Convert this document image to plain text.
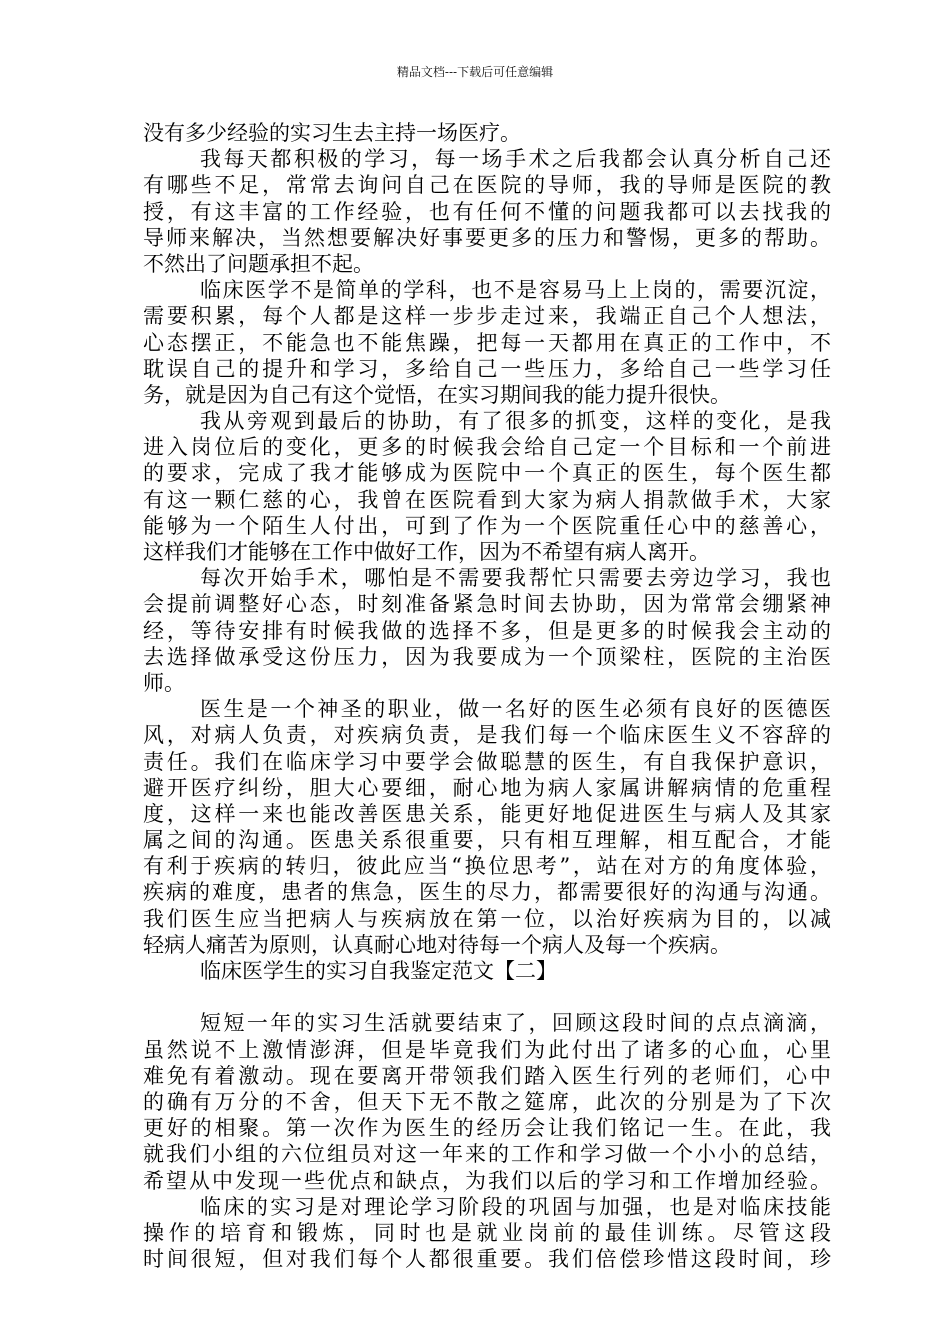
精品文档---下载后可任意编辑
没有多少经验的实习生去主持一场医疗。
我每天都积极的学习，每一场手术之后我都会认真分析自己还
有哪些不足，常常去询问自己在医院的导师，我的导师是医院的教
授，有这丰富的工作经验，也有任何不懂的问题我都可以去找我的
导师来解决，当然想要解决好事要更多的压力和警惕，更多的帮助。
不然出了问题承担不起。
临床医学不是简单的学科，也不是容易马上上岗的，需要沉淀，
需要积累，每个人都是这样一步步走过来，我端正自己个人想法，
心态摆正，不能急也不能焦躁，把每一天都用在真正的工作中，不
耽误自己的提升和学习，多给自己一些压力，多给自己一些学习任
务，就是因为自己有这个觉悟，在实习期间我的能力提升很快。
我从旁观到最后的协助，有了很多的抓变，这样的变化，是我
进入岗位后的变化，更多的时候我会给自己定一个目标和一个前进
的要求，完成了我才能够成为医院中一个真正的医生，每个医生都
有这一颗仁慈的心，我曾在医院看到大家为病人捐款做手术，大家
能够为一个陌生人付出，可到了作为一个医院重任心中的慈善心，
这样我们才能够在工作中做好工作，因为不希望有病人离开。
每次开始手术，哪怕是不需要我帮忙只需要去旁边学习，我也
会提前调整好心态，时刻准备紧急时间去协助，因为常常会绷紧神
经，等待安排有时候我做的选择不多，但是更多的时候我会主动的
去选择做承受这份压力，因为我要成为一个顶梁柱，医院的主治医
师。
医生是一个神圣的职业，做一名好的医生必须有良好的医德医
风，对病人负责，对疾病负责，是我们每一个临床医生义不容辞的
责任。我们在临床学习中要学会做聪慧的医生，有自我保护意识，
避开医疗纠纷，胆大心要细，耐心地为病人家属讲解病情的危重程
度，这样一来也能改善医患关系，能更好地促进医生与病人及其家
属之间的沟通。医患关系很重要，只有相互理解，相互配合，才能
有利于疾病的转归，彼此应当“换位思考”，站在对方的角度体验，
疾病的难度，患者的焦急，医生的尽力，都需要很好的沟通与沟通。
我们医生应当把病人与疾病放在第一位，以治好疾病为目的，以减
轻病人痛苦为原则，认真耐心地对待每一个病人及每一个疾病。
临床医学生的实习自我鉴定范文【二】
短短一年的实习生活就要结束了，回顾这段时间的点点滴滴，
虽然说不上激情澎湃，但是毕竟我们为此付出了诸多的心血，心里
难免有着激动。现在要离开带领我们踏入医生行列的老师们，心中
的确有万分的不舍，但天下无不散之筵席，此次的分别是为了下次
更好的相聚。第一次作为医生的经历会让我们铭记一生。在此，我
就我们小组的六位组员对这一年来的工作和学习做一个小小的总结，
希望从中发现一些优点和缺点，为我们以后的学习和工作增加经验。
临床的实习是对理论学习阶段的巩固与加强，也是对临床技能
操作的培育和锻炼，同时也是就业岗前的最佳训练。尽管这段
时间很短，但对我们每个人都很重要。我们倍偿珍惜这段时间，珍
